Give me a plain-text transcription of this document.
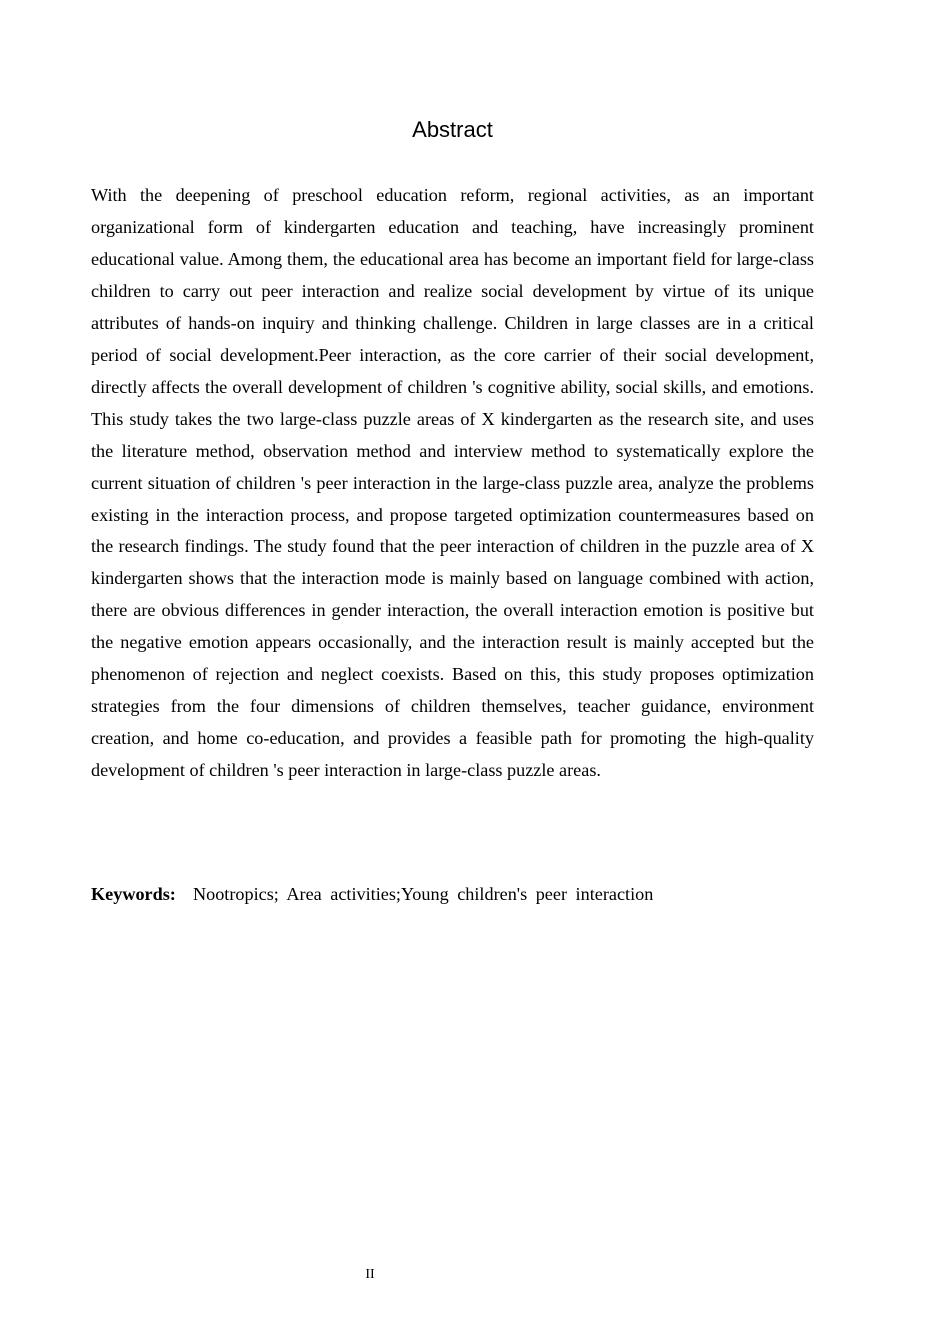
Abstract

With the deepening of preschool education reform, regional activities, as an important organizational form of kindergarten education and teaching, have increasingly prominent educational value. Among them, the educational area has become an important field for large-class children to carry out peer interaction and realize social development by virtue of its unique attributes of hands-on inquiry and thinking challenge. Children in large classes are in a critical period of social development.Peer interaction, as the core carrier of their social development, directly affects the overall development of children 's cognitive ability, social skills, and emotions. This study takes the two large-class puzzle areas of X kindergarten as the research site, and uses the literature method, observation method and interview method to systematically explore the current situation of children 's peer interaction in the large-class puzzle area, analyze the problems existing in the interaction process, and propose targeted optimization countermeasures based on the research findings. The study found that the peer interaction of children in the puzzle area of X kindergarten shows that the interaction mode is mainly based on language combined with action, there are obvious differences in gender interaction, the overall interaction emotion is positive but the negative emotion appears occasionally, and the interaction result is mainly accepted but the phenomenon of rejection and neglect coexists. Based on this, this study proposes optimization strategies from the four dimensions of children themselves, teacher guidance, environment creation, and home co-education, and provides a feasible path for promoting the high-quality development of children 's peer interaction in large-class puzzle areas.

Keywords: Nootropics; Area activities;Young children's peer interaction

II
